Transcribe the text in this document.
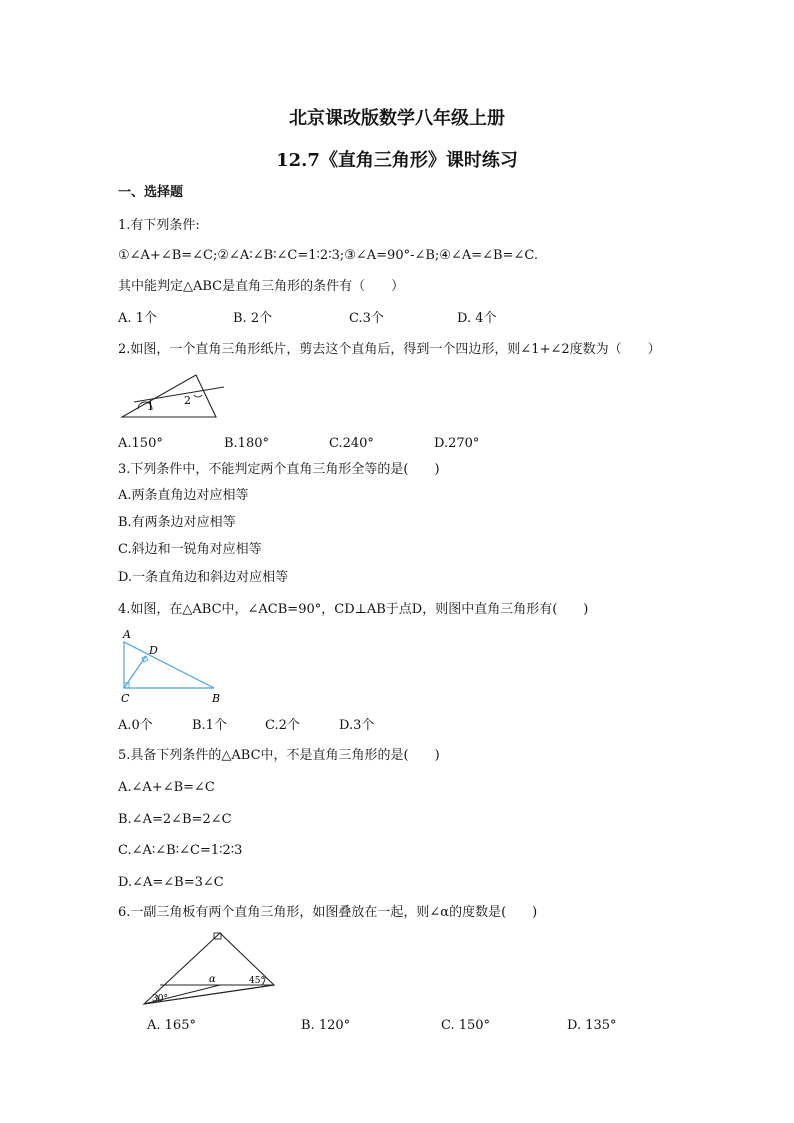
北京课改版数学八年级上册
12.7《直角三角形》课时练习
一、选择题
1.有下列条件:
①∠A+∠B=∠C;②∠A∶∠B∶∠C=1∶2∶3;③∠A=90°-∠B;④∠A=∠B=∠C.
其中能判定△ABC是直角三角形的条件有（　　）
A. 1个	B. 2个	C.3个	D. 4个
2.如图，一个直角三角形纸片，剪去这个直角后，得到一个四边形，则∠1+∠2度数为（　　）
1	2
A.150°	B.180°	C.240°	D.270°
3.下列条件中，不能判定两个直角三角形全等的是(　　)
A.两条直角边对应相等
B.有两条边对应相等
C.斜边和一锐角对应相等
D.一条直角边和斜边对应相等
4.如图，在△ABC中，∠ACB=90°，CD⊥AB于点D，则图中直角三角形有(　　)
A
D
C	B
A.0个	B.1个	C.2个	D.3个
5.具备下列条件的△ABC中，不是直角三角形的是(　　)
A.∠A+∠B=∠C
B.∠A=2∠B=2∠C
C.∠A∶∠B∶∠C=1∶2∶3
D.∠A=∠B=3∠C
6.一副三角板有两个直角三角形，如图叠放在一起，则∠α的度数是(　　)
α
30°
45°
A. 165°	B. 120°	C. 150°	D. 135°
